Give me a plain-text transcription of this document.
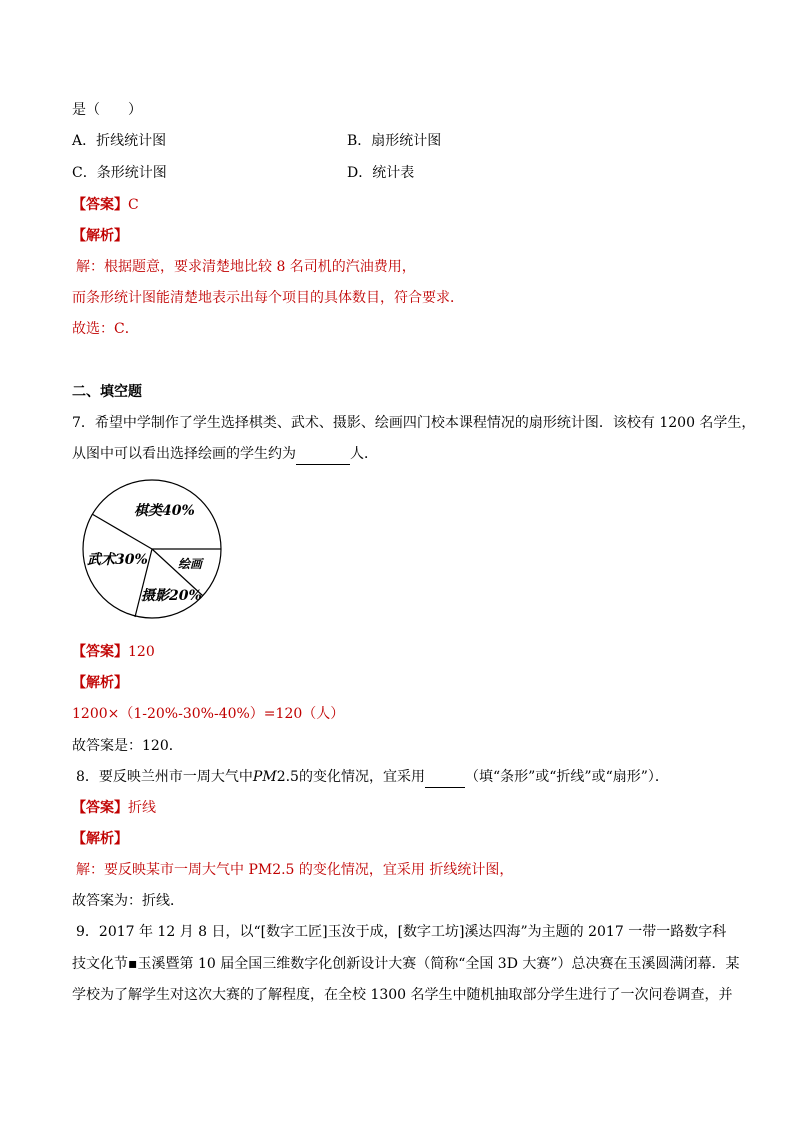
是（　　）
A．折线统计图	B．扇形统计图
C．条形统计图	D．统计表
【答案】C
【解析】
解：根据题意，要求清楚地比较 8 名司机的汽油费用，
而条形统计图能清楚地表示出每个项目的具体数目，符合要求．
故选：C．
二、填空题
7．希望中学制作了学生选择棋类、武术、摄影、绘画四门校本课程情况的扇形统计图．该校有 1200 名学生，
从图中可以看出选择绘画的学生约为	人．
棋类40%
武术30%	绘画
摄影20%
【答案】120
【解析】
1200×（1-20%-30%-40%）=120（人）
故答案是：120．
8．要反映兰州市一周大气中PM2.5的变化情况，宜采用	（填“条形”或“折线”或“扇形”）．
【答案】折线
【解析】
解：要反映某市一周大气中 PM2.5 的变化情况，宜采用 折线统计图，
故答案为：折线．
9．2017 年 12 月 8 日，以“[数字工匠]玉汝于成，[数字工坊]溪达四海”为主题的 2017 一带一路数字科
技文化节▪玉溪暨第 10 届全国三维数字化创新设计大赛（简称“全国 3D 大赛”）总决赛在玉溪圆满闭幕．某
学校为了解学生对这次大赛的了解程度，在全校 1300 名学生中随机抽取部分学生进行了一次问卷调查，并
